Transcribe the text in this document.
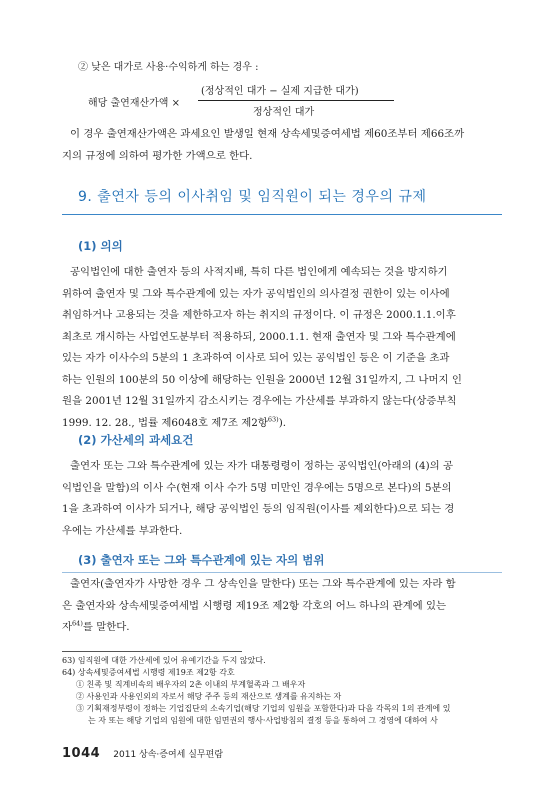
② 낮은 대가로 사용·수익하게 하는 경우 :
해당 출연재산가액 ×
(정상적인 대가 − 실제 지급한 대가)
정상적인 대가
이 경우 출연재산가액은 과세요인 발생일 현재 상속세및증여세법 제60조부터 제66조까
지의 규정에 의하여 평가한 가액으로 한다.
9. 출연자 등의 이사취임 및 임직원이 되는 경우의 규제
(1) 의의
공익법인에 대한 출연자 등의 사적지배, 특히 다른 법인에게 예속되는 것을 방지하기
위하여 출연자 및 그와 특수관계에 있는 자가 공익법인의 의사결정 권한이 있는 이사에
취임하거나 고용되는 것을 제한하고자 하는 취지의 규정이다. 이 규정은 2000.1.1.이후
최초로 개시하는 사업연도분부터 적용하되, 2000.1.1. 현재 출연자 및 그와 특수관계에
있는 자가 이사수의 5분의 1 초과하여 이사로 되어 있는 공익법인 등은 이 기준을 초과
하는 인원의 100분의 50 이상에 해당하는 인원을 2000년 12월 31일까지, 그 나머지 인
원을 2001년 12월 31일까지 감소시키는 경우에는 가산세를 부과하지 않는다(상증부칙
1999. 12. 28., 법률 제6048호 제7조 제2항$^{63)}$).
(2) 가산세의 과세요건
출연자 또는 그와 특수관계에 있는 자가 대통령령이 정하는 공익법인(아래의 (4)의 공
익법인을 말함)의 이사 수(현재 이사 수가 5명 미만인 경우에는 5명으로 본다)의 5분의
1을 초과하여 이사가 되거나, 해당 공익법인 등의 임직원(이사를 제외한다)으로 되는 경
우에는 가산세를 부과한다.
(3) 출연자 또는 그와 특수관계에 있는 자의 범위
출연자(출연자가 사망한 경우 그 상속인을 말한다) 또는 그와 특수관계에 있는 자라 함
은 출연자와 상속세및증여세법 시행령 제19조 제2항 각호의 어느 하나의 관계에 있는
자$^{64)}$를 말한다.
63) 임직원에 대한 가산세에 있어 유예기간을 두지 않았다.
64) 상속세및증여세법 시행령 제19조 제2항 각호
① 친족 및 직계비속의 배우자의 2촌 이내의 부계혈족과 그 배우자
② 사용인과 사용인외의 자로서 해당 주주 등의 재산으로 생계를 유지하는 자
③ 기획재정부령이 정하는 기업집단의 소속기업(해당 기업의 임원을 포함한다)과 다음 각목의 1의 관계에 있
는 자 또는 해당 기업의 임원에 대한 임면권의 행사·사업방침의 결정 등을 통하여 그 경영에 대하여 사
1044 2011 상속·증여세 실무편람
